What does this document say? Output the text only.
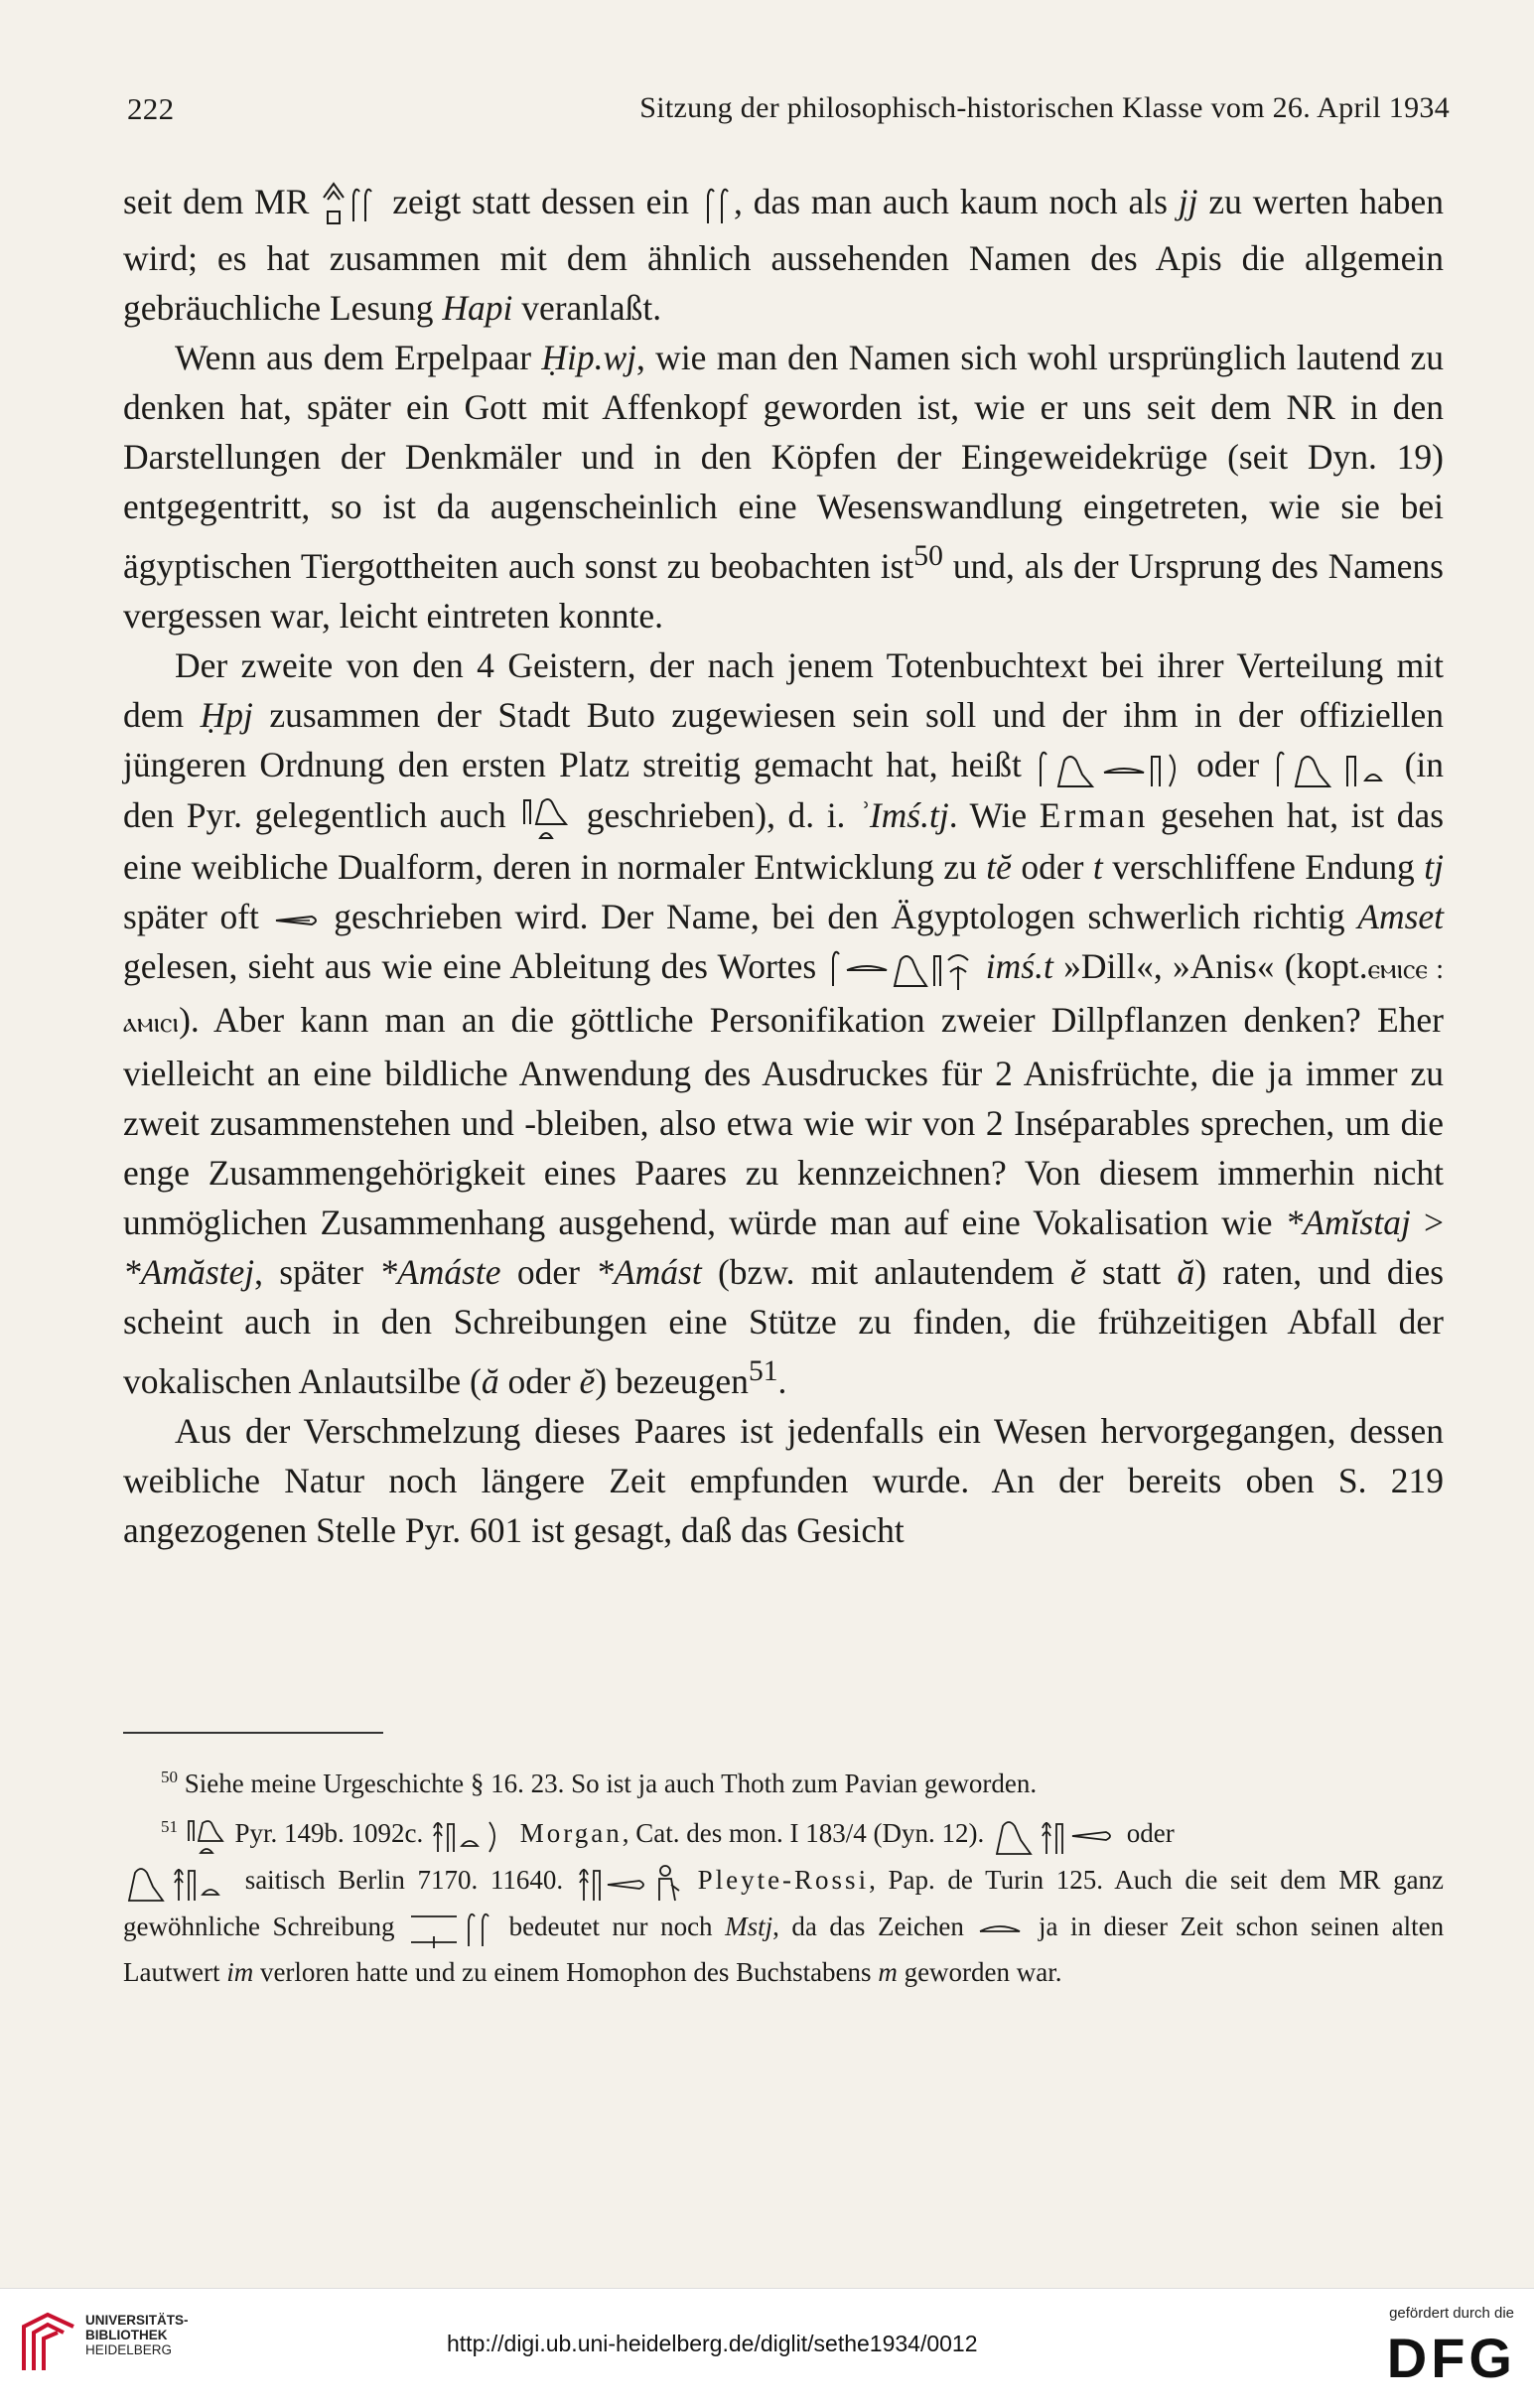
222	Sitzung der philosophisch-historischen Klasse vom 26. April 1934

seit dem MR zeigt statt dessen ein , das man auch kaum noch als jj zu werten haben wird; es hat zusammen mit dem ähnlich aussehenden Namen des Apis die allgemein gebräuchliche Lesung Hapi veranlaßt.

Wenn aus dem Erpelpaar Ḥip.wj, wie man den Namen sich wohl ursprünglich lautend zu denken hat, später ein Gott mit Affenkopf geworden ist, wie er uns seit dem NR in den Darstellungen der Denkmäler und in den Köpfen der Eingeweidekrüge (seit Dyn. 19) entgegentritt, so ist da augenscheinlich eine Wesenswandlung eingetreten, wie sie bei ägyptischen Tiergottheiten auch sonst zu beobachten ist$^{50}$ und, als der Ursprung des Namens vergessen war, leicht eintreten konnte.

Der zweite von den 4 Geistern, der nach jenem Totenbuchtext bei ihrer Verteilung mit dem Ḥpj zusammen der Stadt Buto zugewiesen sein soll und der ihm in der offiziellen jüngeren Ordnung den ersten Platz streitig gemacht hat, heißt	oder	(in den Pyr. gelegentlich auch geschrieben), d. i. ʾImś.tj. Wie Erman gesehen hat, ist das eine weibliche Dualform, deren in normaler Entwicklung zu tĕ oder t verschliffene Endung tj später oft geschrieben wird. Der Name, bei den Ägyptologen schwerlich richtig Amset gelesen, sieht aus wie eine Ableitung des Wortes	imś.t »Dill«, »Anis« (kopt.ⲉⲙⲓⲥⲉ : ⲁⲙⲓⲥⲓ). Aber kann man an die göttliche Personifikation zweier Dillpflanzen denken? Eher vielleicht an eine bildliche Anwendung des Ausdruckes für 2 Anisfrüchte, die ja immer zu zweit zusammenstehen und -bleiben, also etwa wie wir von 2 Inséparables sprechen, um die enge Zusammengehörigkeit eines Paares zu kennzeichnen? Von diesem immerhin nicht unmöglichen Zusammenhang ausgehend, würde man auf eine Vokalisation wie *Amĭstaj > *Amăstej, später *Amáste oder *Amást (bzw. mit anlautendem ĕ statt ă) raten, und dies scheint auch in den Schreibungen eine Stütze zu finden, die frühzeitigen Abfall der vokalischen Anlautsilbe (ă oder ĕ) bezeugen$^{51}$.

Aus der Verschmelzung dieses Paares ist jedenfalls ein Wesen hervorgegangen, dessen weibliche Natur noch längere Zeit empfunden wurde. An der bereits oben S. 219 angezogenen Stelle Pyr. 601 ist gesagt, daß das Gesicht

$^{50}$ Siehe meine Urgeschichte § 16. 23. So ist ja auch Thoth zum Pavian geworden.

$^{51}$ Pyr. 149b. 1092c.	Morgan, Cat. des mon. I 183/4 (Dyn. 12).	oder

saitisch Berlin 7170. 11640.	Pleyte-Rossi, Pap. de Turin 125. Auch die seit dem MR ganz gewöhnliche Schreibung	bedeutet nur noch Mstj, da das Zeichen	ja in dieser Zeit schon seinen alten Lautwert im verloren hatte und zu einem Homophon des Buchstabens m geworden war.

UNIVERSITÄTS-
BIBLIOTHEK
HEIDELBERG	http://digi.ub.uni-heidelberg.de/diglit/sethe1934/0012
gefördert durch die
DFG
